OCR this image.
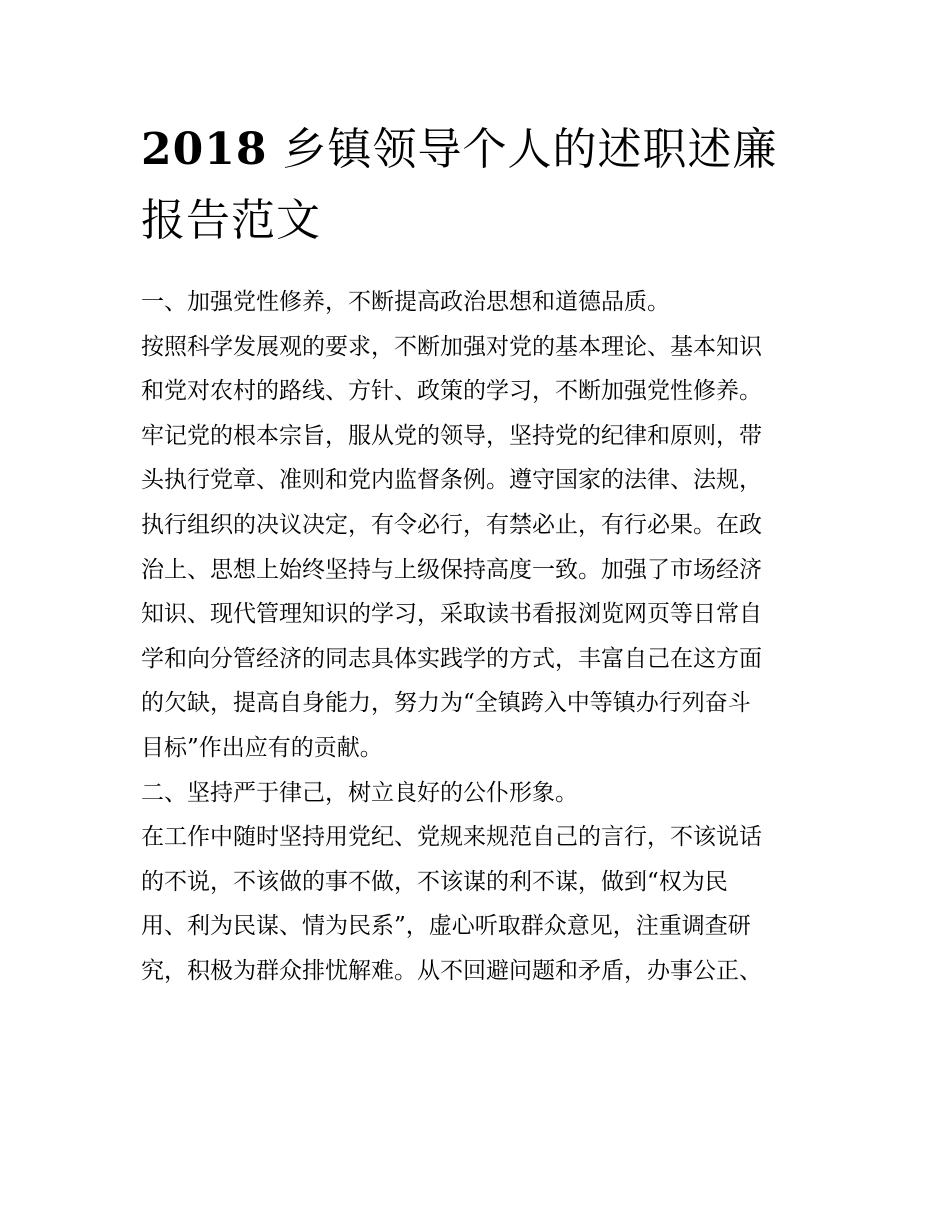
2018 乡镇领导个人的述职述廉
报告范文
一、加强党性修养，不断提高政治思想和道德品质。
按照科学发展观的要求，不断加强对党的基本理论、基本知识
和党对农村的路线、方针、政策的学习，不断加强党性修养。
牢记党的根本宗旨，服从党的领导，坚持党的纪律和原则，带
头执行党章、准则和党内监督条例。遵守国家的法律、法规，
执行组织的决议决定，有令必行，有禁必止，有行必果。在政
治上、思想上始终坚持与上级保持高度一致。加强了市场经济
知识、现代管理知识的学习，采取读书看报浏览网页等日常自
学和向分管经济的同志具体实践学的方式，丰富自己在这方面
的欠缺，提高自身能力，努力为“全镇跨入中等镇办行列奋斗
目标”作出应有的贡献。
二、坚持严于律己，树立良好的公仆形象。
在工作中随时坚持用党纪、党规来规范自己的言行，不该说话
的不说，不该做的事不做，不该谋的利不谋，做到“权为民
用、利为民谋、情为民系”，虚心听取群众意见，注重调查研
究，积极为群众排忧解难。从不回避问题和矛盾，办事公正、
